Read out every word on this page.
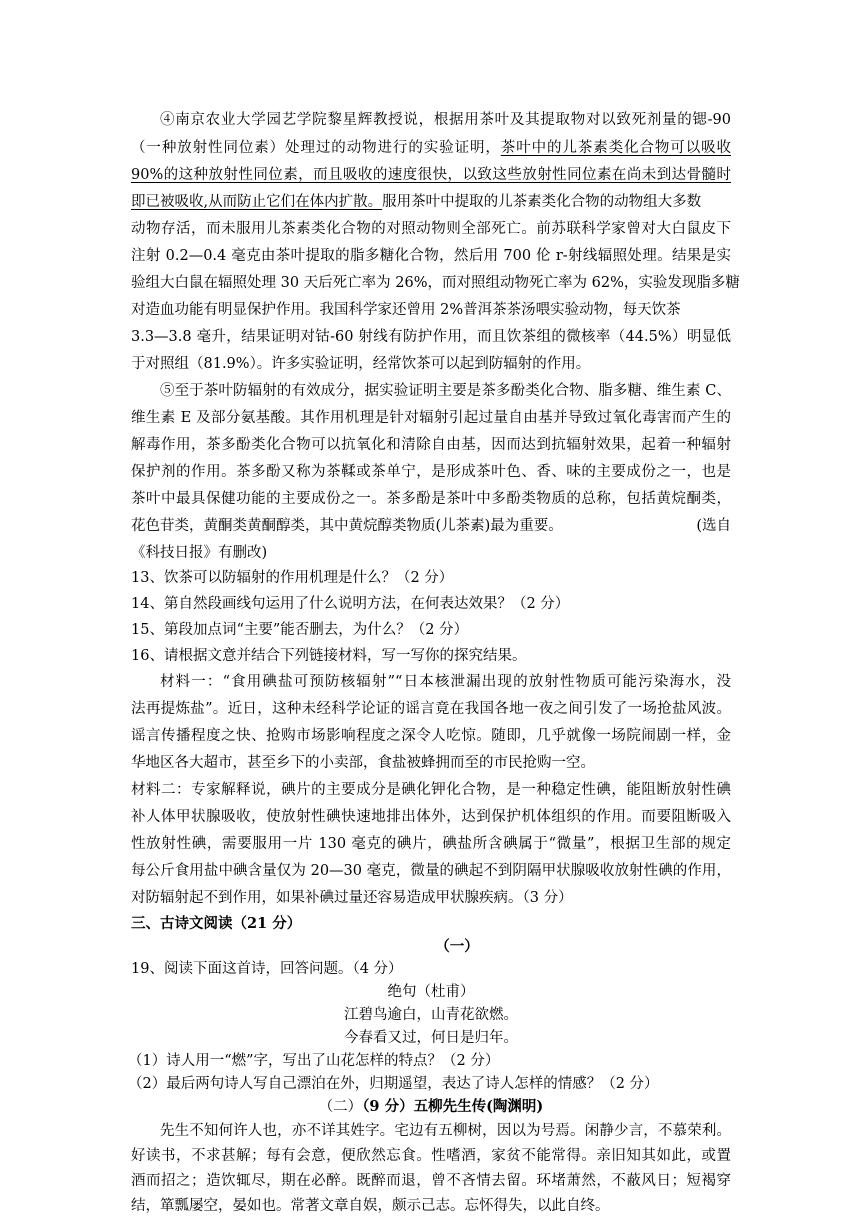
④南京农业大学园艺学院黎星辉教授说，根据用茶叶及其提取物对以致死剂量的锶-90
（一种放射性同位素）处理过的动物进行的实验证明，茶叶中的儿茶素类化合物可以吸收
90%的这种放射性同位素，而且吸收的速度很快，以致这些放射性同位素在尚未到达骨髓时
即已被吸收,从而防止它们在体内扩散。服用茶叶中提取的儿茶素类化合物的动物组大多数
动物存活，而未服用儿茶素类化合物的对照动物则全部死亡。前苏联科学家曾对大白鼠皮下
注射 0.2—0.4 毫克由茶叶提取的脂多糖化合物，然后用 700 伦 r-射线辐照处理。结果是实
验组大白鼠在辐照处理 30 天后死亡率为 26%，而对照组动物死亡率为 62%，实验发现脂多糖
对造血功能有明显保护作用。我国科学家还曾用 2%普洱茶茶汤喂实验动物，每天饮茶
3.3—3.8 毫升，结果证明对钴-60 射线有防护作用，而且饮茶组的微核率（44.5%）明显低
于对照组（81.9%）。许多实验证明，经常饮茶可以起到防辐射的作用。
⑤至于茶叶防辐射的有效成分，据实验证明主要是茶多酚类化合物、脂多糖、维生素 C、
维生素 E 及部分氨基酸。其作用机理是针对辐射引起过量自由基并导致过氧化毒害而产生的
解毒作用，茶多酚类化合物可以抗氧化和清除自由基，因而达到抗辐射效果，起着一种辐射
保护剂的作用。茶多酚又称为茶鞣或茶单宁，是形成茶叶色、香、味的主要成份之一，也是
茶叶中最具保健功能的主要成份之一。茶多酚是茶叶中多酚类物质的总称，包括黄烷酮类，
花色苷类，黄酮类黄酮醇类，其中黄烷醇类物质(儿茶素)最为重要。	(选自
《科技日报》有删改)
13、饮茶可以防辐射的作用机理是什么？（2 分）
14、第自然段画线句运用了什么说明方法，在何表达效果？（2 分）
15、第段加点词“主要”能否删去，为什么？（2 分）
16、请根据文意并结合下列链接材料，写一写你的探究结果。
材料一：“食用碘盐可预防核辐射”“日本核泄漏出现的放射性物质可能污染海水，没
法再提炼盐”。近日，这种未经科学论证的谣言竟在我国各地一夜之间引发了一场抢盐风波。
谣言传播程度之快、抢购市场影响程度之深令人吃惊。随即，几乎就像一场院闹剧一样，金
华地区各大超市，甚至乡下的小卖部，食盐被蜂拥而至的市民抢购一空。
材料二：专家解释说，碘片的主要成分是碘化钾化合物，是一种稳定性碘，能阻断放射性碘
补人体甲状腺吸收，使放射性碘快速地排出体外，达到保护机体组织的作用。而要阻断吸入
性放射性碘，需要服用一片 130 毫克的碘片，碘盐所含碘属于“微量”，根据卫生部的规定
每公斤食用盐中碘含量仅为 20—30 毫克，微量的碘起不到阴隔甲状腺吸收放射性碘的作用，
对防辐射起不到作用，如果补碘过量还容易造成甲状腺疾病。（3 分）
三、古诗文阅读（21 分）
（一）
19、阅读下面这首诗，回答问题。（4 分）
绝句（杜甫）
江碧鸟逾白，山青花欲燃。
今春看又过，何日是归年。
（1）诗人用一“燃”字，写出了山花怎样的特点？（2 分）
（2）最后两句诗人写自己漂泊在外，归期遥望，表达了诗人怎样的情感？（2 分）
（二）（9 分）五柳先生传(陶渊明)
先生不知何许人也，亦不详其姓字。宅边有五柳树，因以为号焉。闲静少言，不慕荣利。
好读书，不求甚解；每有会意，便欣然忘食。性嗜酒，家贫不能常得。亲旧知其如此，或置
酒而招之；造饮辄尽，期在必醉。既醉而退，曾不吝情去留。环堵萧然，不蔽风日；短褐穿
结，箪瓢屡空，晏如也。常著文章自娱，颇示己志。忘怀得失，以此自终。
